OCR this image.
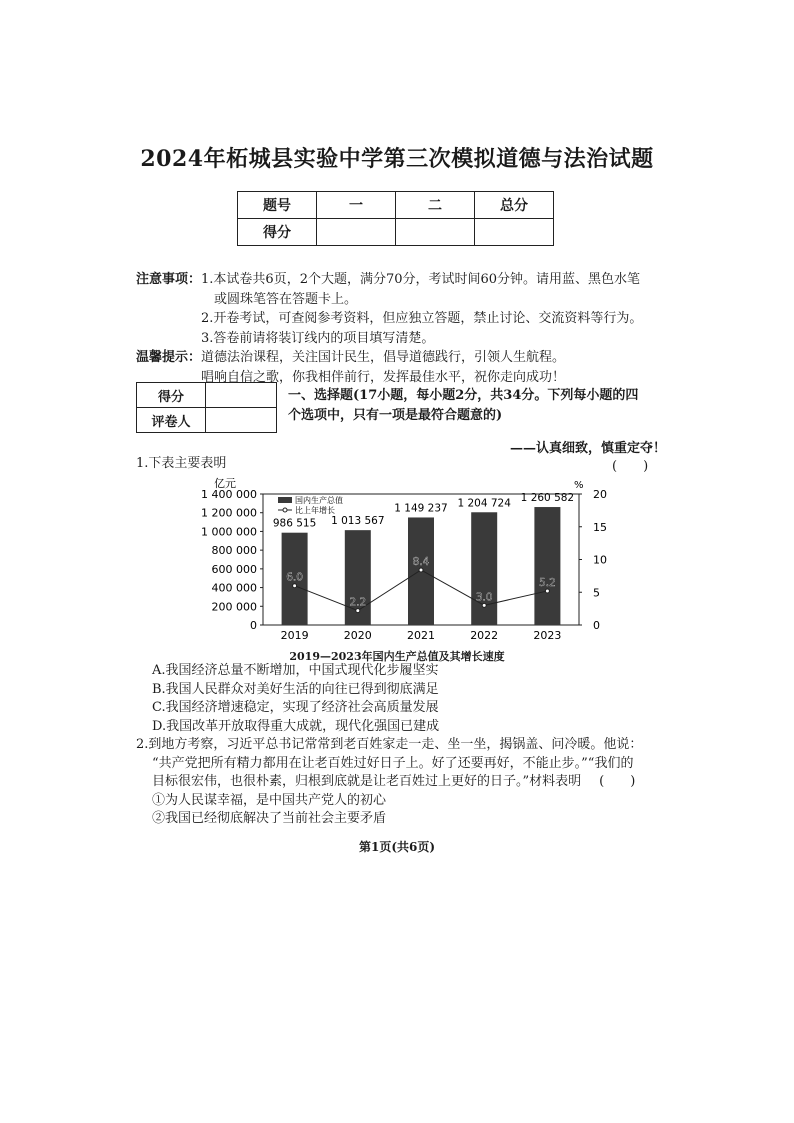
2024年柘城县实验中学第三次模拟道德与法治试题
题号	一	二	总分
得分			
注意事项：1.本试卷共6页，2个大题，满分70分，考试时间60分钟。请用蓝、黑色水笔
或圆珠笔答在答题卡上。
2.开卷考试，可查阅参考资料，但应独立答题，禁止讨论、交流资料等行为。
3.答卷前请将装订线内的项目填写清楚。
温馨提示：道德法治课程，关注国计民生，倡导道德践行，引领人生航程。
唱响自信之歌，你我相伴前行，发挥最佳水平，祝你走向成功！
得分	
评卷人	
一、选择题(17小题，每小题2分，共34分。下列每小题的四
个选项中，只有一项是最符合题意的)
——认真细致，慎重定夺！
1.下表主要表明	(　　)
亿元	%
0
200 000
400 000
600 000
800 000
1 000 000
1 200 000
1 400 000
0
5
10
15
20
986 515 1 013 567
1 149 237 1 204 724 1 260 582
6.0
2.2
8.4
3.0
5.2
2019	2020	2021	2022	2023
国内生产总值
比上年增长
2019—2023年国内生产总值及其增长速度
A.我国经济总量不断增加，中国式现代化步履坚实
B.我国人民群众对美好生活的向往已得到彻底满足
C.我国经济增速稳定，实现了经济社会高质量发展
D.我国改革开放取得重大成就，现代化强国已建成
2.到地方考察，习近平总书记常常到老百姓家走一走、坐一坐，揭锅盖、问冷暖。他说：
“共产党把所有精力都用在让老百姓过好日子上。好了还要再好，不能止步。”“我们的
目标很宏伟，也很朴素，归根到底就是让老百姓过上更好的日子。”材料表明 (　　)
①为人民谋幸福，是中国共产党人的初心
②我国已经彻底解决了当前社会主要矛盾
第1页(共6页)
